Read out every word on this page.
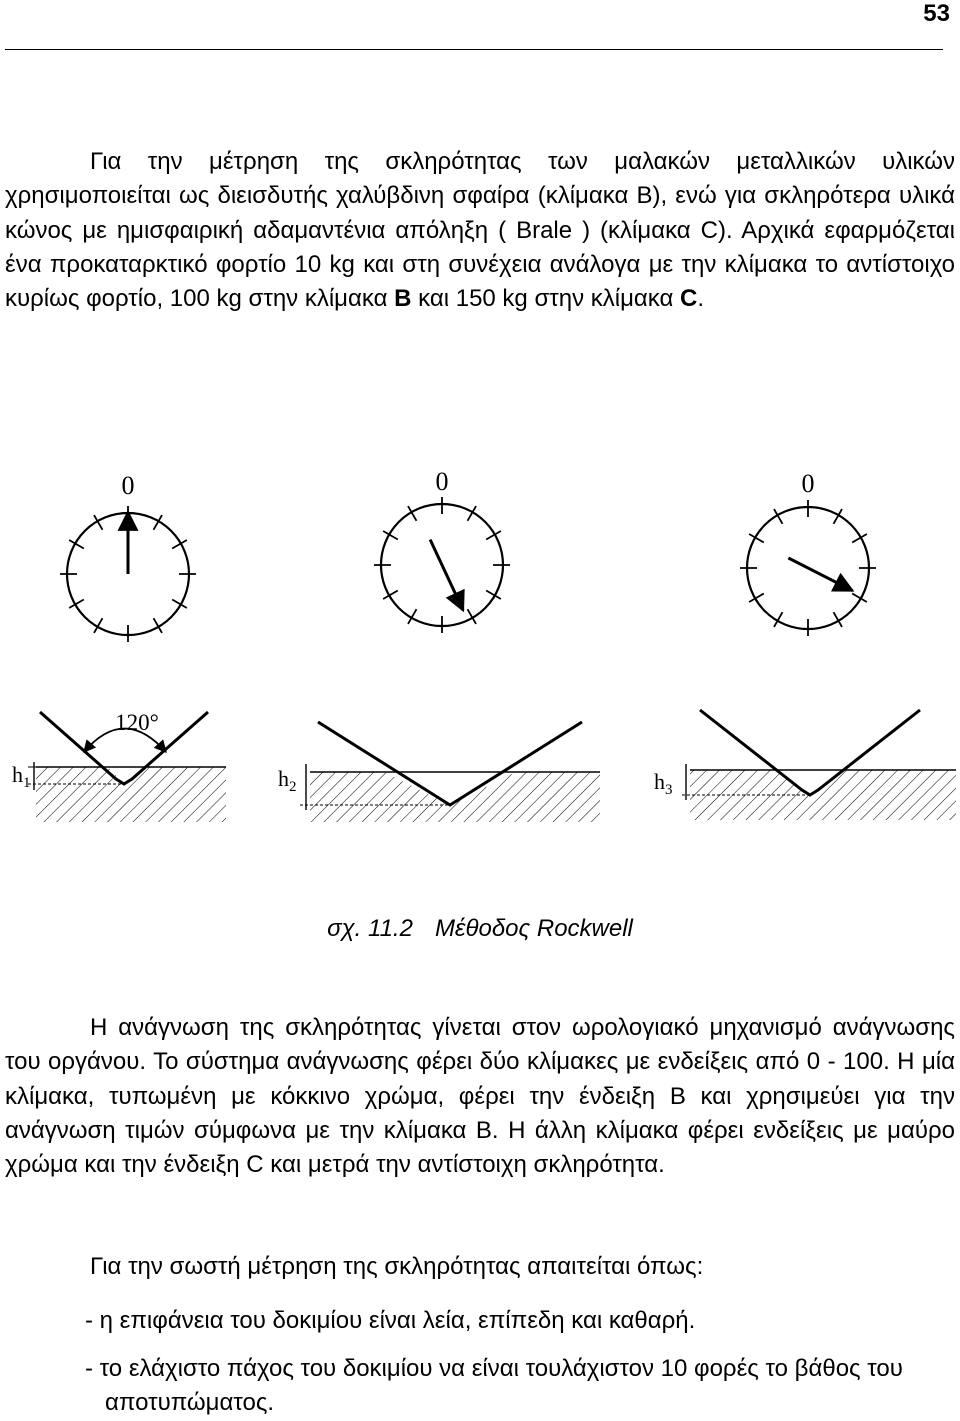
53

Για την μέτρηση της σκληρότητας των μαλακών μεταλλικών υλικών χρησιμοποιείται ως διεισδυτής χαλύβδινη σφαίρα (κλίμακα B), ενώ για σκληρότερα υλικά κώνος με ημισφαιρική αδαμαντένια απόληξη ( Brale ) (κλίμακα C). Αρχικά εφαρμόζεται ένα προκαταρκτικό φορτίο 10 kg και στη συνέχεια ανάλογα με την κλίμακα το αντίστοιχο κυρίως φορτίο, 100 kg στην κλίμακα B και 150 kg στην κλίμακα C.

0	0	0
120°
$h_1$	$h_2$	$h_3$
σχ. 11.2 Μέθοδος Rockwell

Η ανάγνωση της σκληρότητας γίνεται στον ωρολογιακό μηχανισμό ανάγνωσης του οργάνου. Το σύστημα ανάγνωσης φέρει δύο κλίμακες με ενδείξεις από 0 - 100. Η μία κλίμακα, τυπωμένη με κόκκινο χρώμα, φέρει την ένδειξη B και χρησιμεύει για την ανάγνωση τιμών σύμφωνα με την κλίμακα B. Η άλλη κλίμακα φέρει ενδείξεις με μαύρο χρώμα και την ένδειξη C και μετρά την αντίστοιχη σκληρότητα.

Για την σωστή μέτρηση της σκληρότητας απαιτείται όπως:

- η επιφάνεια του δοκιμίου είναι λεία, επίπεδη και καθαρή.

- το ελάχιστο πάχος του δοκιμίου να είναι τουλάχιστον 10 φορές το βάθος του αποτυπώματος.
